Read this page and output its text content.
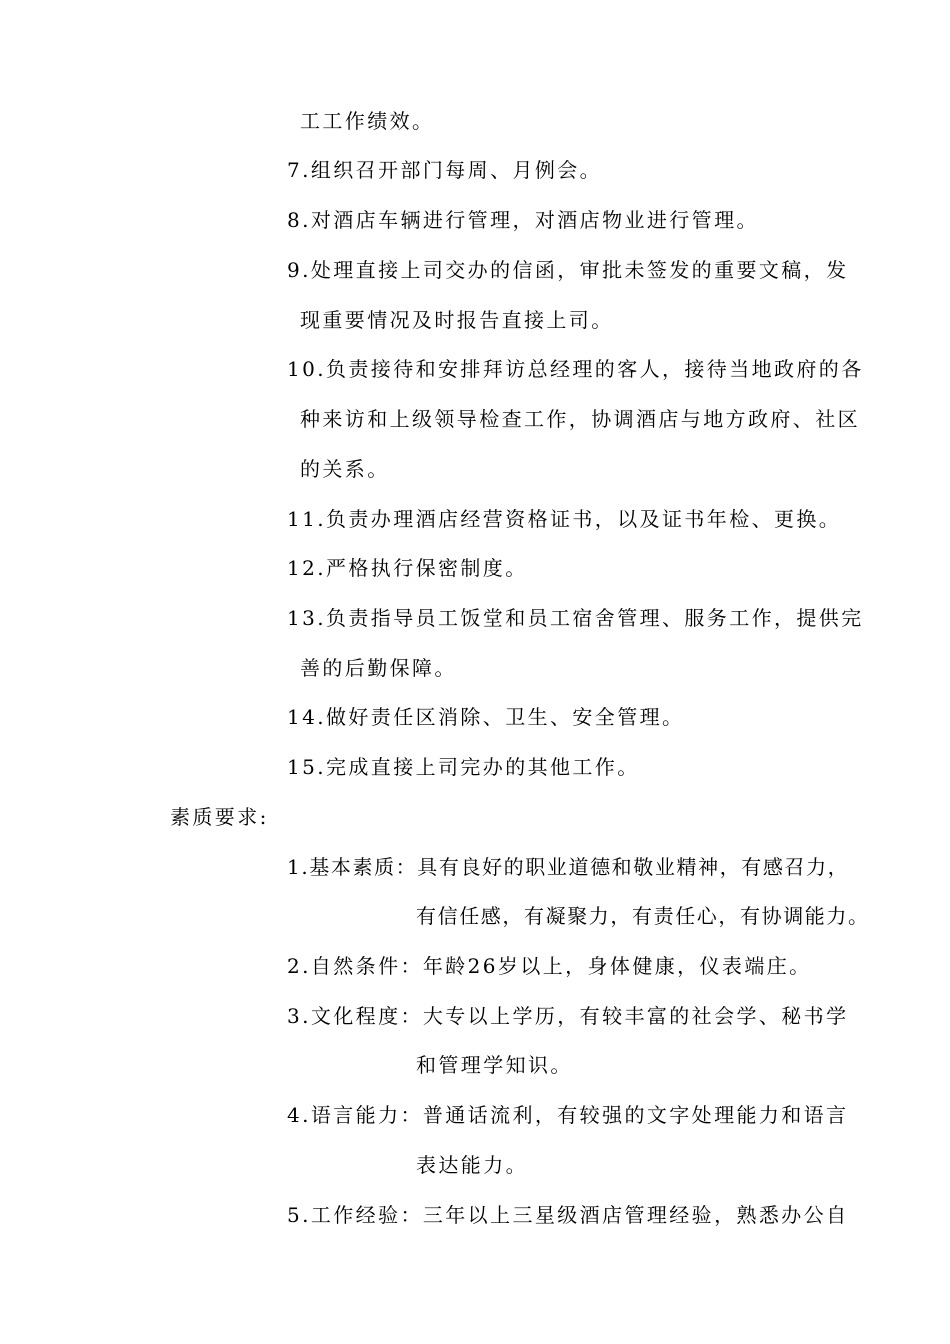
工工作绩效。
7.组织召开部门每周、月例会。
8.对酒店车辆进行管理，对酒店物业进行管理。
9.处理直接上司交办的信函，审批未签发的重要文稿，发
现重要情况及时报告直接上司。
10.负责接待和安排拜访总经理的客人，接待当地政府的各
种来访和上级领导检查工作，协调酒店与地方政府、社区
的关系。
11.负责办理酒店经营资格证书，以及证书年检、更换。
12.严格执行保密制度。
13.负责指导员工饭堂和员工宿舍管理、服务工作，提供完
善的后勤保障。
14.做好责任区消除、卫生、安全管理。
15.完成直接上司完办的其他工作。
素质要求:
1.基本素质：具有良好的职业道德和敬业精神，有感召力，
有信任感，有凝聚力，有责任心，有协调能力。
2.自然条件：年龄26岁以上，身体健康，仪表端庄。
3.文化程度：大专以上学历，有较丰富的社会学、秘书学
和管理学知识。
4.语言能力：普通话流利，有较强的文字处理能力和语言
表达能力。
5.工作经验：三年以上三星级酒店管理经验，熟悉办公自
